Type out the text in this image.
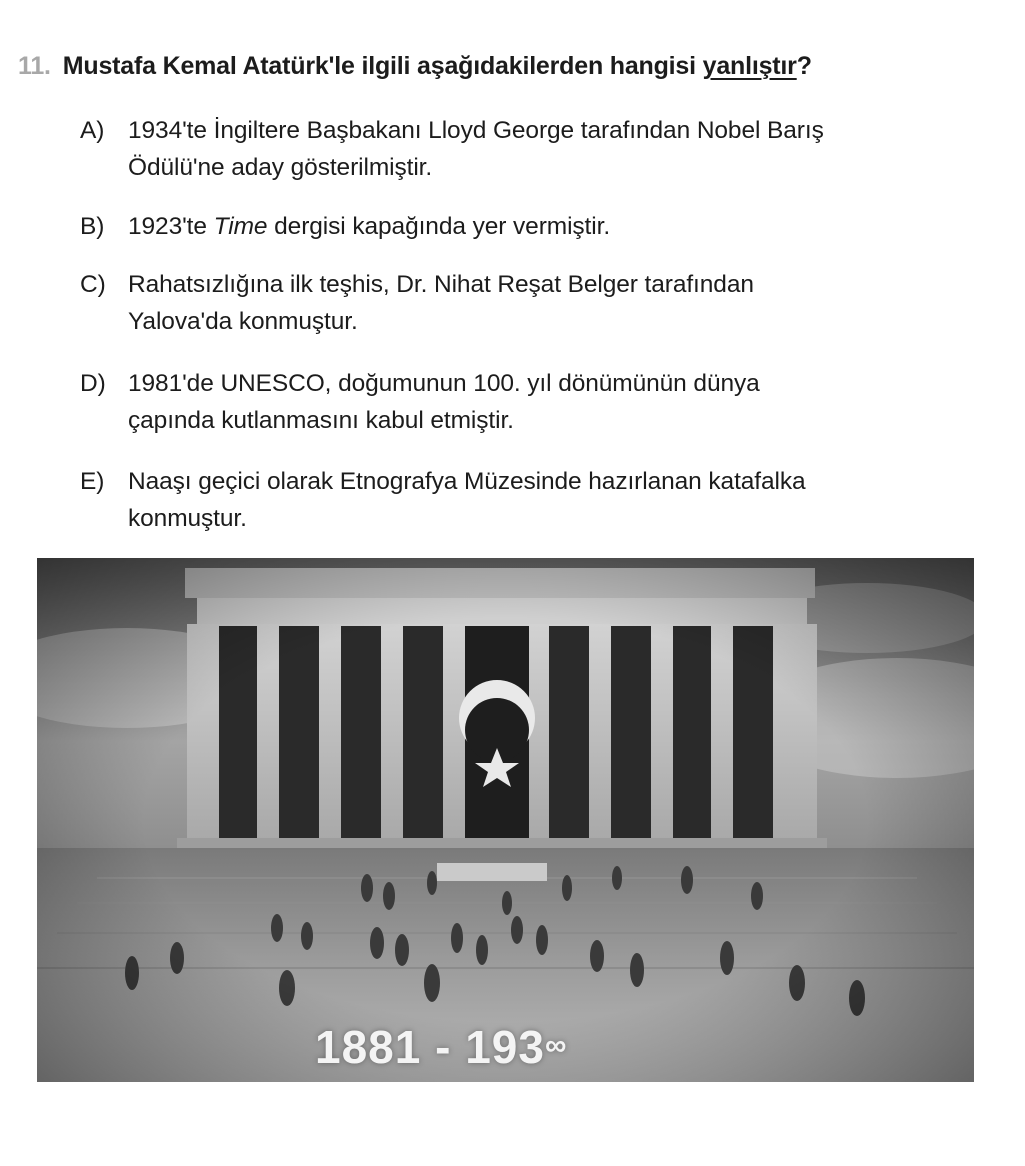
11. Mustafa Kemal Atatürk'le ilgili aşağıdakilerden hangisi yanlıştır?
A) 1934'te İngiltere Başbakanı Lloyd George tarafından Nobel Barış
Ödülü'ne aday gösterilmiştir.
B) 1923'te Time dergisi kapağında yer vermiştir.
C) Rahatsızlığına ilk teşhis, Dr. Nihat Reşat Belger tarafından
Yalova'da konmuştur.
D) 1981'de UNESCO, doğumunun 100. yıl dönümünün dünya
çapında kutlanmasını kabul etmiştir.
E) Naaşı geçici olarak Etnografya Müzesinde hazırlanan katafalka
konmuştur.
1881 - 193∞
